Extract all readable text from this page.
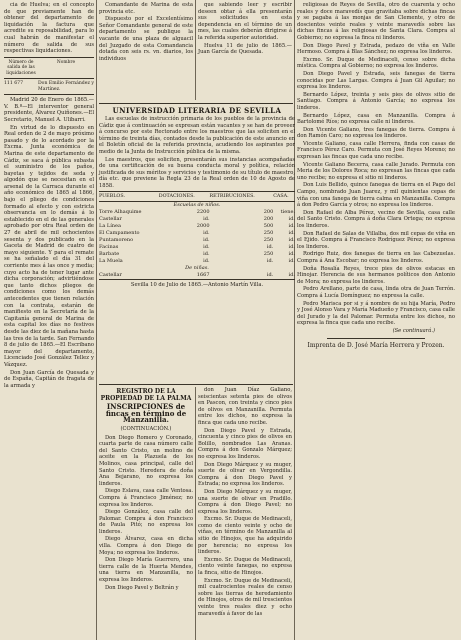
cia de Huelva; en el concepto de que previamente han de obtener del departamento de liquidación la factura que acredite su reposabilidad, para lo cual habrán de manifestar el número de salida de sus respectivas liquidaciones.

Número de salida de las liquidaciones
Nombre
111 677	Don Emilio Fernández y Martínez.

Madrid 20 de Enero de 1865.—V. B.º—El interventor general presidente, Álvarez Quiñones.—El Secretario, Manuel A. Ulibarri.

En virtud de lo dispuesto en Real orden de 2 de mayo próximo pasado y de lo acordado por la Excma. Junta económica de Marina de este departamento de Cádiz, se saca á pública subasta el suministro de los paños, bayetas y tejidos de seda y algodón que se necesitan en el arsenal de la Carraca durante el año económico de 1865 al 1866, bajo el pliego de condiciones formado al efecto y con estricta observancia en lo demás á lo establecido en el de las generales aprobado por otra Real orden de 27 de abril de mil ochocientos sesenta y dos publicado en la Gaceta de Madrid de cuatro de mayo siguiente. Y para el remate se ha señalado el día 31 del corriente mes á las once y media; cuyo acto ha de tener lugar ante dicha corporación; advirtiéndose que tanto dichos pliegos de condiciones como los demás antecedentes que tienen relación con la contrata, estarán de manifiesto en la Secretaría de la Capitanía general de Marina de esta capital los días no festivos desde las diez de la mañana hasta las tres de la tarde. San Fernando 8 de julio de 1865.—El Escribano mayor del departamento, Licenciado José González Tellez y Vázquez.

Don Juan García de Quesada y de España, Capitán de fragata de la armada y

Comandante de Marina de esta provincia etc.

Dispuesto por el Excelentísimo Señor Comandante general de este departamento se publique la vacante de una plaza de alguacil del Juzgado de esta Comandancia dotada con seis rs. vn. diarios, los individuos

que sabiendo leer y escribir deseen obtar á ella presentarán sus solicitudes en esta dependencia en el término de un mes, las cuales deberán dirigirse á la referida superior autoridad.

Huelva 11 de julio de 1865.—Juan García de Quesada.

UNIVERSIDAD LITERARIA DE SEVILLA

Las escuelas de instrucción primaria de los pueblos de la provincia de Cádiz que á continuación se expresan están vacantes y se han de proveer á concurso por este Rectorado entre los maestros que las soliciten en el término de treinta días, contados desde la publicación de este anuncio en el Boletín oficial de la referida provincia, acudiendo los aspirantes por medio de la Junta de Instrucción pública de la misma.

Los maestros, que soliciten, presentarán sus instancias acompañadas de una certificación de su buena conducta moral y política, relación justificada de sus méritos y servicios y testimonio de su título de maestro, día etc. que previene la Regla 23 de la Real orden de 10 de Agosto de 1858.

PUEBLOS.	DOTACIONES.	RETRIBUCIONES.	CASA.
Escuelas de niños.			
Torre Alhaquime	2200	200	tiene.
Castellar	id.	200	id.
La Línea	2000	500	id.
El Campamento	id.	250	id.
Puntamoreno	id.	250	id.
Facinas	id.	id.	id.
Barbate	id.	250	id.
La Muela	id.	id.	id.
De niñas.			
Castellar	1667	id.	id.
Sevilla 10 de Julio de 1865.—Antonio Martín Villa.
REGISTRO DE LA PROPIEDAD DE LA PALMA
INSCRIPCIONES de fincas en término de Manzanilla.
(CONTINUACIÓN.)

Don Diego Romero y Coronado, cuarta parte de casa número calle del Santo Cristo, un molino de aceite en la Plazuela de los Molinos, casa principal, calle del Santo Cristo. Heredera de doña Ana Bejarano, no expresa los linderos.

Diego Eslava, casa calle Ventosa. Compra á Francisco Jiménez; no expresa los linderos.

Diego González, casa calle del Palomar. Compra á don Francisco de Paula Pitó; no expresa los linderos.

Diego Álvarez, casa en dicha villa. Compra á don Diego de Moya; no expresa los linderos.

Don Diego María Guerrero, una tierra calle de la Huerta Mendes, una tierra en Manzanilla, no expresa los linderos.

Don Diego Pavel y Beltrán y

don Juan Díaz Galiano, seiscientas setenta pies de olivos en Pascon, con treinta y cinco pies de olivos en Manzanilla. Permuta entre los dichos, no expresa la finca que cada uno recibe.

Don Diego Pavel y Estrada, cincuenta y cinco pies de olivos en Bolillo, nombrados Las Aranas. Compra á don Gonzalo Márquez; no expresa los linderos.

Don Diego Márquez y su muger, suerte de olivar en Vergondilla. Compra á don Diego Pavel y Estrada; no expresa los linderos.

Don Diego Márquez y su muger, una suerte de olivar en Pradillo. Compra á don Diego Pavel; no expresa los linderos.

Excmo. Sr. Duque de Medinaceli, como de ciento veinte y ocho de viñas, en término de Manzanilla al sitio de Hinojos, que ha adquirido por herencia; no expresa los linderos.

Excmo. Sr. Duque de Medinaceli, ciento veinte fanegas, no expresa la finca, sitio de Hinojos.

Excmo. Sr. Duque de Medinaceli, mil cuatrocientos reales de censo sobre las tierras de heredamiento de Hinojos, otros de mil trescientos veinte tres reales diez y ocho maravedís á favor de las

religiosas de Reyes de Sevilla, otro de cuarenta y ocho reales y doce maravedís que gravitaba sobre dichas fincas y se pagaba á las monjas de San Clemente, y otro de doscientos veinte reales y veinte maravedís sobre las dichas fincas á las religiosas de Santa Clara. Compra al Gobierno; no expresa la finca ni linderos.

Don Diego Pavel y Estrada, pedazo de viña en Valle Hermoso. Compra á Blas Sánchez; no expresa los linderos.

Excmo. Sr. Duque de Medinaceli, censo sobre dicha mística. Compra al Gobierno; no expresa los linderos.

Don Diego Pavel y Estrada, seis fanegas de tierra conocidas por Las Largas. Compra á Juan Gil Aguilar; no expresa los linderos.

Bernardo López, treinta y seis pies de olivos sitio de Santiago. Compra á Antonio García; no expresa los linderos.

Bernardo López, casa en Manzanilla. Compra á Bartolomé Ríos; no expresa calle ni linderos.

Don Vicente Galiano, tres fanegas de tierra. Compra á don Ramón Caro; no expresa los linderos.

Vicente Galiano, casa calle Herrera, finda con casas de Francisco Pérez Caro. Permuta con José Reyes Moreno; no expresan las fincas que cada uno recibe.

Vicente Galiano Becerra, casa calle Jurado. Permuta con Meria de los Dolores Roca; no expresan las fincas que cada uno recibe; no expresa el sitio ni linderos.

Don Luis Bellido, quince fanegas de tierra en el Pago del Campo, nombrado Juan Juarez, y mil quinientas cepas de viña con una fanega de tierra calma en Manzanilla. Compra á don Pedro García y otros; no expresa los linderos.

Don Rafael de Alba Pérez, vecino de Sevilla, casa calle del Santo Cristo. Compra á doña Clara Ortega; no expresa los linderos.

Don Rafael de Salas de Villalba, dos mil cepas de viña en el Ejido. Compra á Francisco Rodríguez Pérez; no expresa los linderos.

Rodrigo Ruiz, dos fanegas de tierra en las Cabezuelas. Compra á Ana Escobar; no expresa los linderos.

Doña Rosalía Reyes, trece pies de olivos estacas en Hinojar. Herencia de sus hermanos políticos don Antonio de Mora; no expresa los linderos.

Pedro Arellano, parte de casa, linda otra de Juan Terrón. Compra á Lucía Domínguez; no expresa la calle.

Pedro Marisca por si y á nombre de su hija María, Pedro y José Alonso Vara y María Madueño y Francisco, casa calle del Jurado y la del Palomar. Permuta entre los dichos, no expresa la finca que cada uno recibe.

(Se continuará.)
Imprenta de D. José María Herrera y Prozen.
